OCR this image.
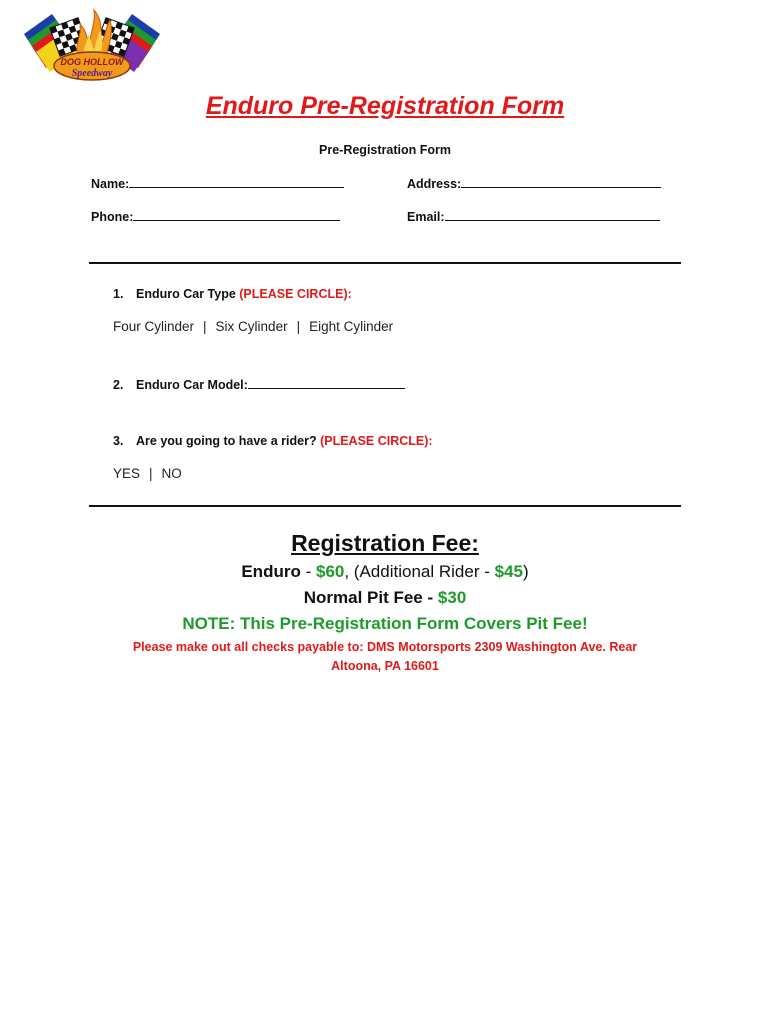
DOG HOLLOW
Speedway
Enduro Pre-Registration Form
Pre-Registration Form
Name:	Address:
Phone:	Email:
1. Enduro Car Type (PLEASE CIRCLE):
Four Cylinder | Six Cylinder | Eight Cylinder
2. Enduro Car Model:
3. Are you going to have a rider? (PLEASE CIRCLE):
YES | NO
Registration Fee:
Enduro - $60, (Additional Rider - $45)
Normal Pit Fee - $30
NOTE: This Pre-Registration Form Covers Pit Fee!
Please make out all checks payable to: DMS Motorsports 2309 Washington Ave. Rear
Altoona, PA 16601
